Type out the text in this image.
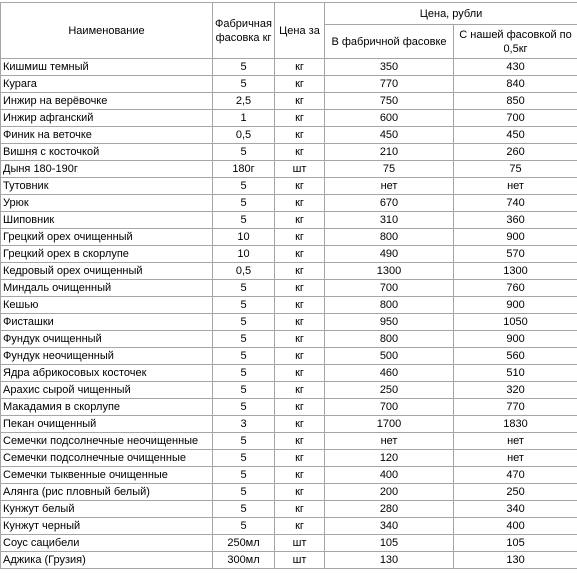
Наименование	Фабричная фасовка кг	Цена за	Цена, рубли	
			В фабричной фасовке	С нашей фасовкой по 0,5кг
Кишмиш темный	5	кг	350	430
Курага	5	кг	770	840
Инжир на верёвочке	2,5	кг	750	850
Инжир афганский	1	кг	600	700
Финик на веточке	0,5	кг	450	450
Вишня с косточкой	5	кг	210	260
Дыня 180-190г	180г	шт	75	75
Тутовник	5	кг	нет	нет
Урюк	5	кг	670	740
Шиповник	5	кг	310	360
Грецкий орех очищенный	10	кг	800	900
Грецкий орех в скорлупе	10	кг	490	570
Кедровый орех очищенный	0,5	кг	1300	1300
Миндаль очищенный	5	кг	700	760
Кешью	5	кг	800	900
Фисташки	5	кг	950	1050
Фундук очищенный	5	кг	800	900
Фундук неочищенный	5	кг	500	560
Ядра абрикосовых косточек	5	кг	460	510
Арахис сырой чищенный	5	кг	250	320
Макадамия в скорлупе	5	кг	700	770
Пекан очищенный	3	кг	1700	1830
Семечки подсолнечные неочищенные	5	кг	нет	нет
Семечки подсолнечные очищенные	5	кг	120	нет
Семечки тыквенные очищенные	5	кг	400	470
Алянга (рис пловный белый)	5	кг	200	250
Кунжут белый	5	кг	280	340
Кунжут черный	5	кг	340	400
Соус сацибели	250мл	шт	105	105
Аджика (Грузия)	300мл	шт	130	130
